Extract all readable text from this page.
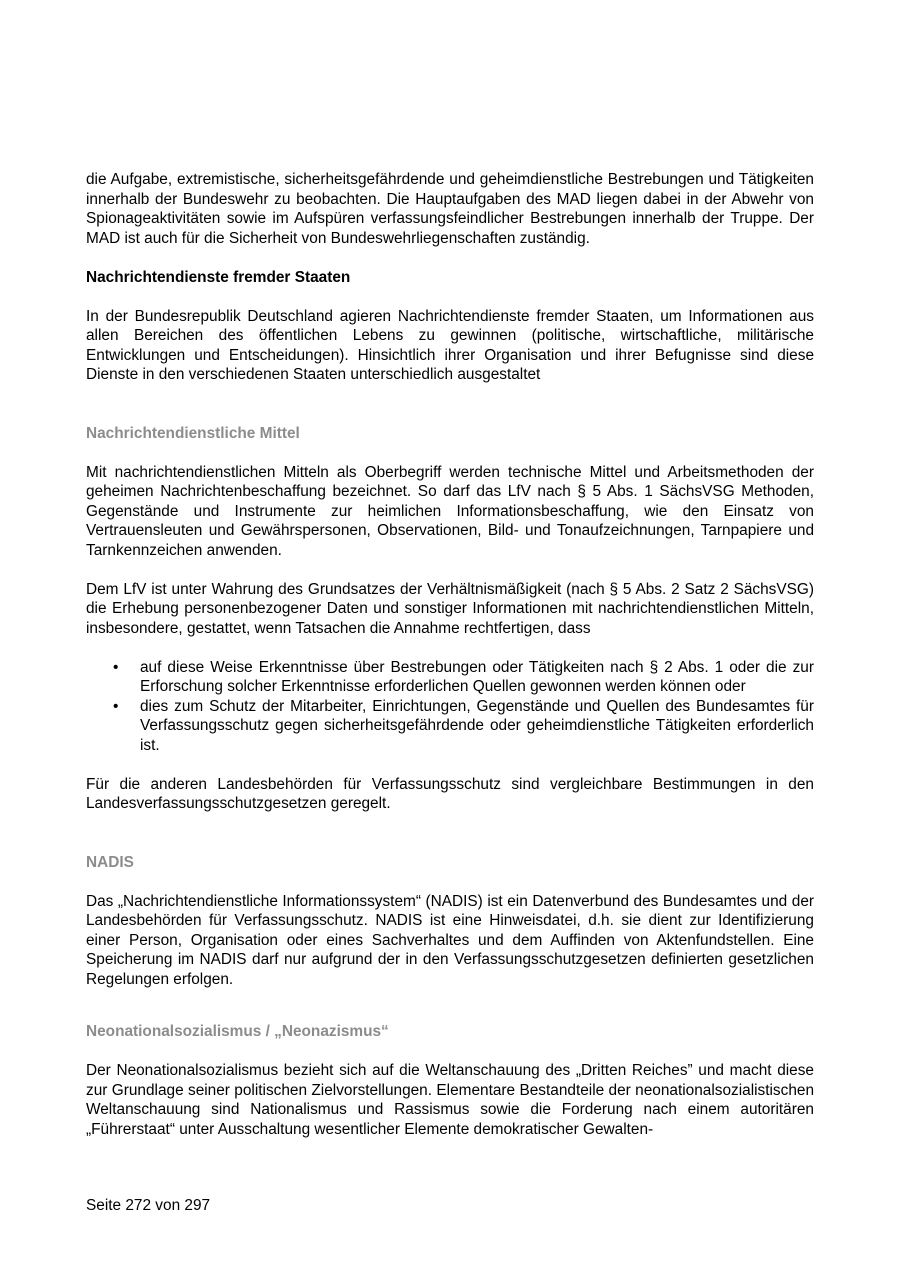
die Aufgabe, extremistische, sicherheitsgefährdende und geheimdienstliche Bestrebungen und Tätigkeiten innerhalb der Bundeswehr zu beobachten. Die Hauptaufgaben des MAD liegen dabei in der Abwehr von Spionageaktivitäten sowie im Aufspüren verfassungsfeindlicher Bestrebungen innerhalb der Truppe. Der MAD ist auch für die Sicherheit von Bundeswehrliegenschaften zuständig.

Nachrichtendienste fremder Staaten

In der Bundesrepublik Deutschland agieren Nachrichtendienste fremder Staaten, um Informationen aus allen Bereichen des öffentlichen Lebens zu gewinnen (politische, wirtschaftliche, militärische Entwicklungen und Entscheidungen). Hinsichtlich ihrer Organisation und ihrer Befugnisse sind diese Dienste in den verschiedenen Staaten unterschiedlich ausgestaltet

Nachrichtendienstliche Mittel

Mit nachrichtendienstlichen Mitteln als Oberbegriff werden technische Mittel und Arbeitsmethoden der geheimen Nachrichtenbeschaffung bezeichnet. So darf das LfV nach § 5 Abs. 1 SächsVSG Methoden, Gegenstände und Instrumente zur heimlichen Informationsbeschaffung, wie den Einsatz von Vertrauensleuten und Gewährspersonen, Observationen, Bild- und Tonaufzeichnungen, Tarnpapiere und Tarnkennzeichen anwenden.

Dem LfV ist unter Wahrung des Grundsatzes der Verhältnismäßigkeit (nach § 5 Abs. 2 Satz 2 SächsVSG) die Erhebung personenbezogener Daten und sonstiger Informationen mit nachrichtendienstlichen Mitteln, insbesondere, gestattet, wenn Tatsachen die Annahme rechtfertigen, dass

• auf diese Weise Erkenntnisse über Bestrebungen oder Tätigkeiten nach § 2 Abs. 1 oder die zur Erforschung solcher Erkenntnisse erforderlichen Quellen gewonnen werden können oder
• dies zum Schutz der Mitarbeiter, Einrichtungen, Gegenstände und Quellen des Bundesamtes für Verfassungsschutz gegen sicherheitsgefährdende oder geheimdienstliche Tätigkeiten erforderlich ist.

Für die anderen Landesbehörden für Verfassungsschutz sind vergleichbare Bestimmungen in den Landesverfassungsschutzgesetzen geregelt.

NADIS

Das „Nachrichtendienstliche Informationssystem“ (NADIS) ist ein Datenverbund des Bundesamtes und der Landesbehörden für Verfassungsschutz. NADIS ist eine Hinweisdatei, d.h. sie dient zur Identifizierung einer Person, Organisation oder eines Sachverhaltes und dem Auffinden von Aktenfundstellen. Eine Speicherung im NADIS darf nur aufgrund der in den Verfassungsschutzgesetzen definierten gesetzlichen Regelungen erfolgen.

Neonationalsozialismus / „Neonazismus“

Der Neonationalsozialismus bezieht sich auf die Weltanschauung des „Dritten Reiches” und macht diese zur Grundlage seiner politischen Zielvorstellungen. Elementare Bestandteile der neonationalsozialistischen Weltanschauung sind Nationalismus und Rassismus sowie die Forderung nach einem autoritären „Führerstaat“ unter Ausschaltung wesentlicher Elemente demokratischer Gewalten-

Seite 272 von 297
